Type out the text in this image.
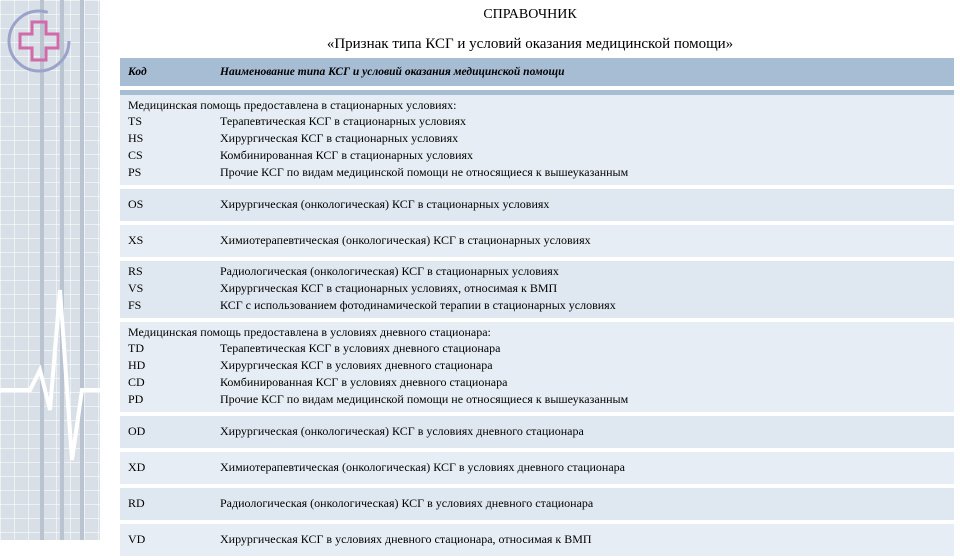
СПРАВОЧНИК
«Признак типа КСГ и условий оказания медицинской помощи»
Код	Наименование типа КСГ и условий оказания медицинской помощи
Медицинская помощь предоставлена в стационарных условиях:
TS	Терапевтическая КСГ в стационарных условиях
HS	Хирургическая КСГ в стационарных условиях
CS	Комбинированная КСГ в стационарных условиях
PS	Прочие КСГ по видам медицинской помощи не относящиеся к вышеуказанным
OS	Хирургическая (онкологическая) КСГ в стационарных условиях
XS	Химиотерапевтическая (онкологическая) КСГ в стационарных условиях
RS	Радиологическая (онкологическая) КСГ в стационарных условиях
VS	Хирургическая КСГ в стационарных условиях, относимая к ВМП
FS	КСГ с использованием фотодинамической терапии в стационарных условиях
Медицинская помощь предоставлена в условиях дневного стационара:
TD	Терапевтическая КСГ в условиях дневного стационара
HD	Хирургическая КСГ в условиях дневного стационара
CD	Комбинированная КСГ в условиях дневного стационара
PD	Прочие КСГ по видам медицинской помощи не относящиеся к вышеуказанным
OD	Хирургическая (онкологическая) КСГ в условиях дневного стационара
XD	Химиотерапевтическая (онкологическая) КСГ в условиях дневного стационара
RD	Радиологическая (онкологическая) КСГ в условиях дневного стационара
VD	Хирургическая КСГ в условиях дневного стационара, относимая к ВМП
